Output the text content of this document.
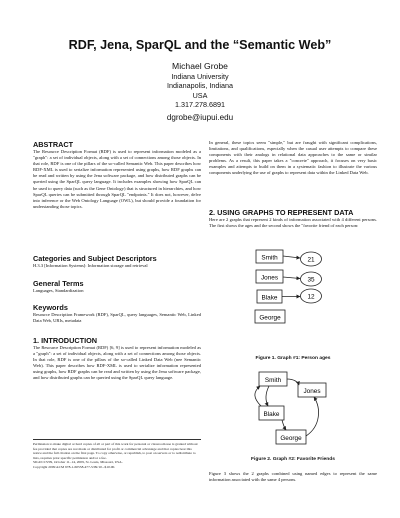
RDF, Jena, SparQL and the “Semantic Web”
Michael Grobe
Indiana University
Indianapolis, Indiana
USA
1.317.278.6891
dgrobe@iupui.edu
ABSTRACT

The Resource Description Format (RDF) is used to represent information modeled as a "graph": a set of individual objects, along with a set of connections among those objects. In that role, RDF is one of the pillars of the so-called Semantic Web. This paper describes how RDF-XML is used to serialize information represented using graphs, how RDF graphs can be read and written by using the Jena software package, and how distributed graphs can be queried using the SparQL query language. It includes examples showing how SparQL can be used to query data (such as the Gene Ontology) that is structured in hierarchies, and how SparQL queries can be submitted through SparQL "endpoints." It does not, however, delve into inference or the Web Ontology Language (OWL), but should provide a foundation for understanding those topics.

Categories and Subject Descriptors

H.3.3 [Information Systems]: Information storage and retrieval

General Terms

Languages, Standardization

Keywords

Resource Description Framework (RDF), SparQL, query languages, Semantic Web, Linked Data Web, URIs, metadata

1. INTRODUCTION

The Resource Description Format (RDF) [6, 9] is used to represent information modeled as a "graph": a set of individual objects, along with a set of connections among those objects. In that role, RDF is one of the pillars of the so-called Linked Data Web (nee Semantic Web). This paper describes how RDF-XML is used to serialize information represented using graphs, how RDF graphs can be read and written by using the Jena software package, and how distributed graphs can be queried using the SparQL query language.

Permission to make digital or hard copies of all or part of this work for personal or classroom use is granted without fee provided that copies are not made or distributed for profit or commercial advantage and that copies bear this notice and the full citation on the first page. To copy otherwise, or republish, to post on servers or to redistribute to lists, requires prior specific permission and/or a fee.

SIGUCCS'09, October 11–14, 2009, St. Louis, Missouri, USA.

Copyright 2009 ACM 978-1-60558-477-5/09/10...$10.00.

In general, these topics seem "simple," but are fraught with significant complications, limitations, and qualifications, especially when the casual user attempts to compare these components with their analogs in relational data approaches to the same or similar problems. As a result, this paper takes a "concrete" approach, it focuses on very basic examples and attempts to build on them in a systematic fashion to illustrate the various components underlying the use of graphs to represent data within the Linked Data Web.

2. USING GRAPHS TO REPRESENT DATA

Here are 2 graphs that represent 2 kinds of information associated with 4 different persons. The first shows the ages and the second shows the "favorite friend of each person:

Smith	21
Jones	35
Blake	12
George
Figure 1. Graph #1: Person ages
Smith
Jones
Blake
George
Figure 2. Graph #2: Favorite Friends

Figure 3 shows the 2 graphs combined using named edges to represent the same information associated with the same 4 persons.
